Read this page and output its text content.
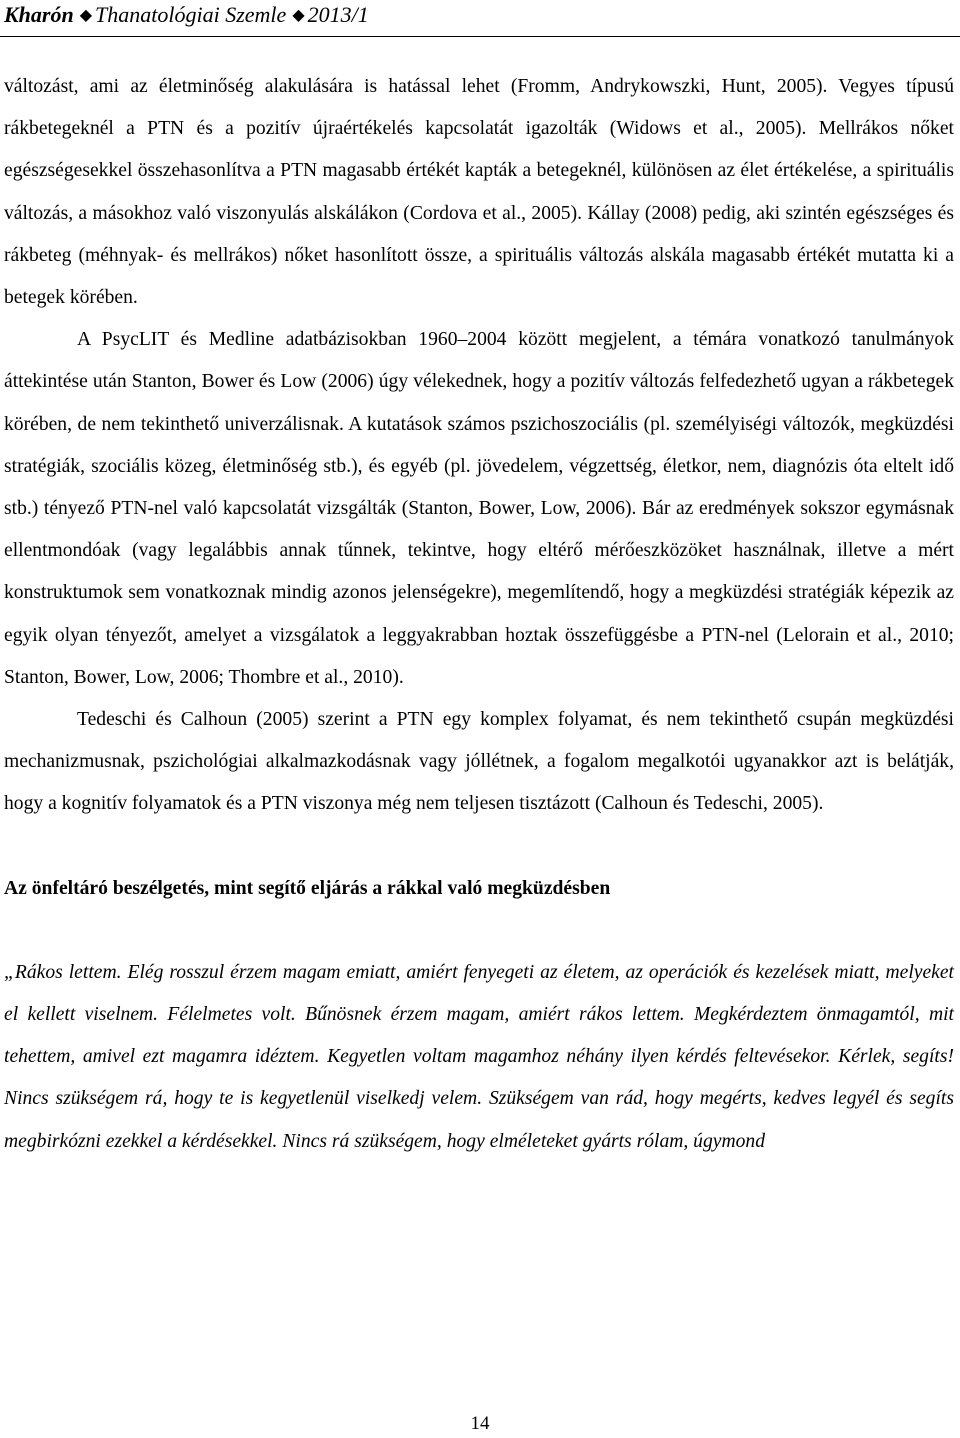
Kharón ◆ Thanatológiai Szemle ◆ 2013/1

változást, ami az életminőség alakulására is hatással lehet (Fromm, Andrykowszki, Hunt, 2005). Vegyes típusú rákbetegeknél a PTN és a pozitív újraértékelés kapcsolatát igazolták (Widows et al., 2005). Mellrákos nőket egészségesekkel összehasonlítva a PTN magasabb értékét kapták a betegeknél, különösen az élet értékelése, a spirituális változás, a másokhoz való viszonyulás alskálákon (Cordova et al., 2005). Kállay (2008) pedig, aki szintén egészséges és rákbeteg (méhnyak- és mellrákos) nőket hasonlított össze, a spirituális változás alskála magasabb értékét mutatta ki a betegek körében.

A PsycLIT és Medline adatbázisokban 1960–2004 között megjelent, a témára vonatkozó tanulmányok áttekintése után Stanton, Bower és Low (2006) úgy vélekednek, hogy a pozitív változás felfedezhető ugyan a rákbetegek körében, de nem tekinthető univerzálisnak. A kutatások számos pszichoszociális (pl. személyiségi változók, megküzdési stratégiák, szociális közeg, életminőség stb.), és egyéb (pl. jövedelem, végzettség, életkor, nem, diagnózis óta eltelt idő stb.) tényező PTN-nel való kapcsolatát vizsgálták (Stanton, Bower, Low, 2006). Bár az eredmények sokszor egymásnak ellentmondóak (vagy legalábbis annak tűnnek, tekintve, hogy eltérő mérőeszközöket használnak, illetve a mért konstruktumok sem vonatkoznak mindig azonos jelenségekre), megemlítendő, hogy a megküzdési stratégiák képezik az egyik olyan tényezőt, amelyet a vizsgálatok a leggyakrabban hoztak összefüggésbe a PTN-nel (Lelorain et al., 2010; Stanton, Bower, Low, 2006; Thombre et al., 2010).

Tedeschi és Calhoun (2005) szerint a PTN egy komplex folyamat, és nem tekinthető csupán megküzdési mechanizmusnak, pszichológiai alkalmazkodásnak vagy jóllétnek, a fogalom megalkotói ugyanakkor azt is belátják, hogy a kognitív folyamatok és a PTN viszonya még nem teljesen tisztázott (Calhoun és Tedeschi, 2005).

Az önfeltáró beszélgetés, mint segítő eljárás a rákkal való megküzdésben

„Rákos lettem. Elég rosszul érzem magam emiatt, amiért fenyegeti az életem, az operációk és kezelések miatt, melyeket el kellett viselnem. Félelmetes volt. Bűnösnek érzem magam, amiért rákos lettem. Megkérdeztem önmagamtól, mit tehettem, amivel ezt magamra idéztem. Kegyetlen voltam magamhoz néhány ilyen kérdés feltevésekor. Kérlek, segíts! Nincs szükségem rá, hogy te is kegyetlenül viselkedj velem. Szükségem van rád, hogy megérts, kedves legyél és segíts megbirkózni ezekkel a kérdésekkel. Nincs rá szükségem, hogy elméleteket gyárts rólam, úgymond

14
